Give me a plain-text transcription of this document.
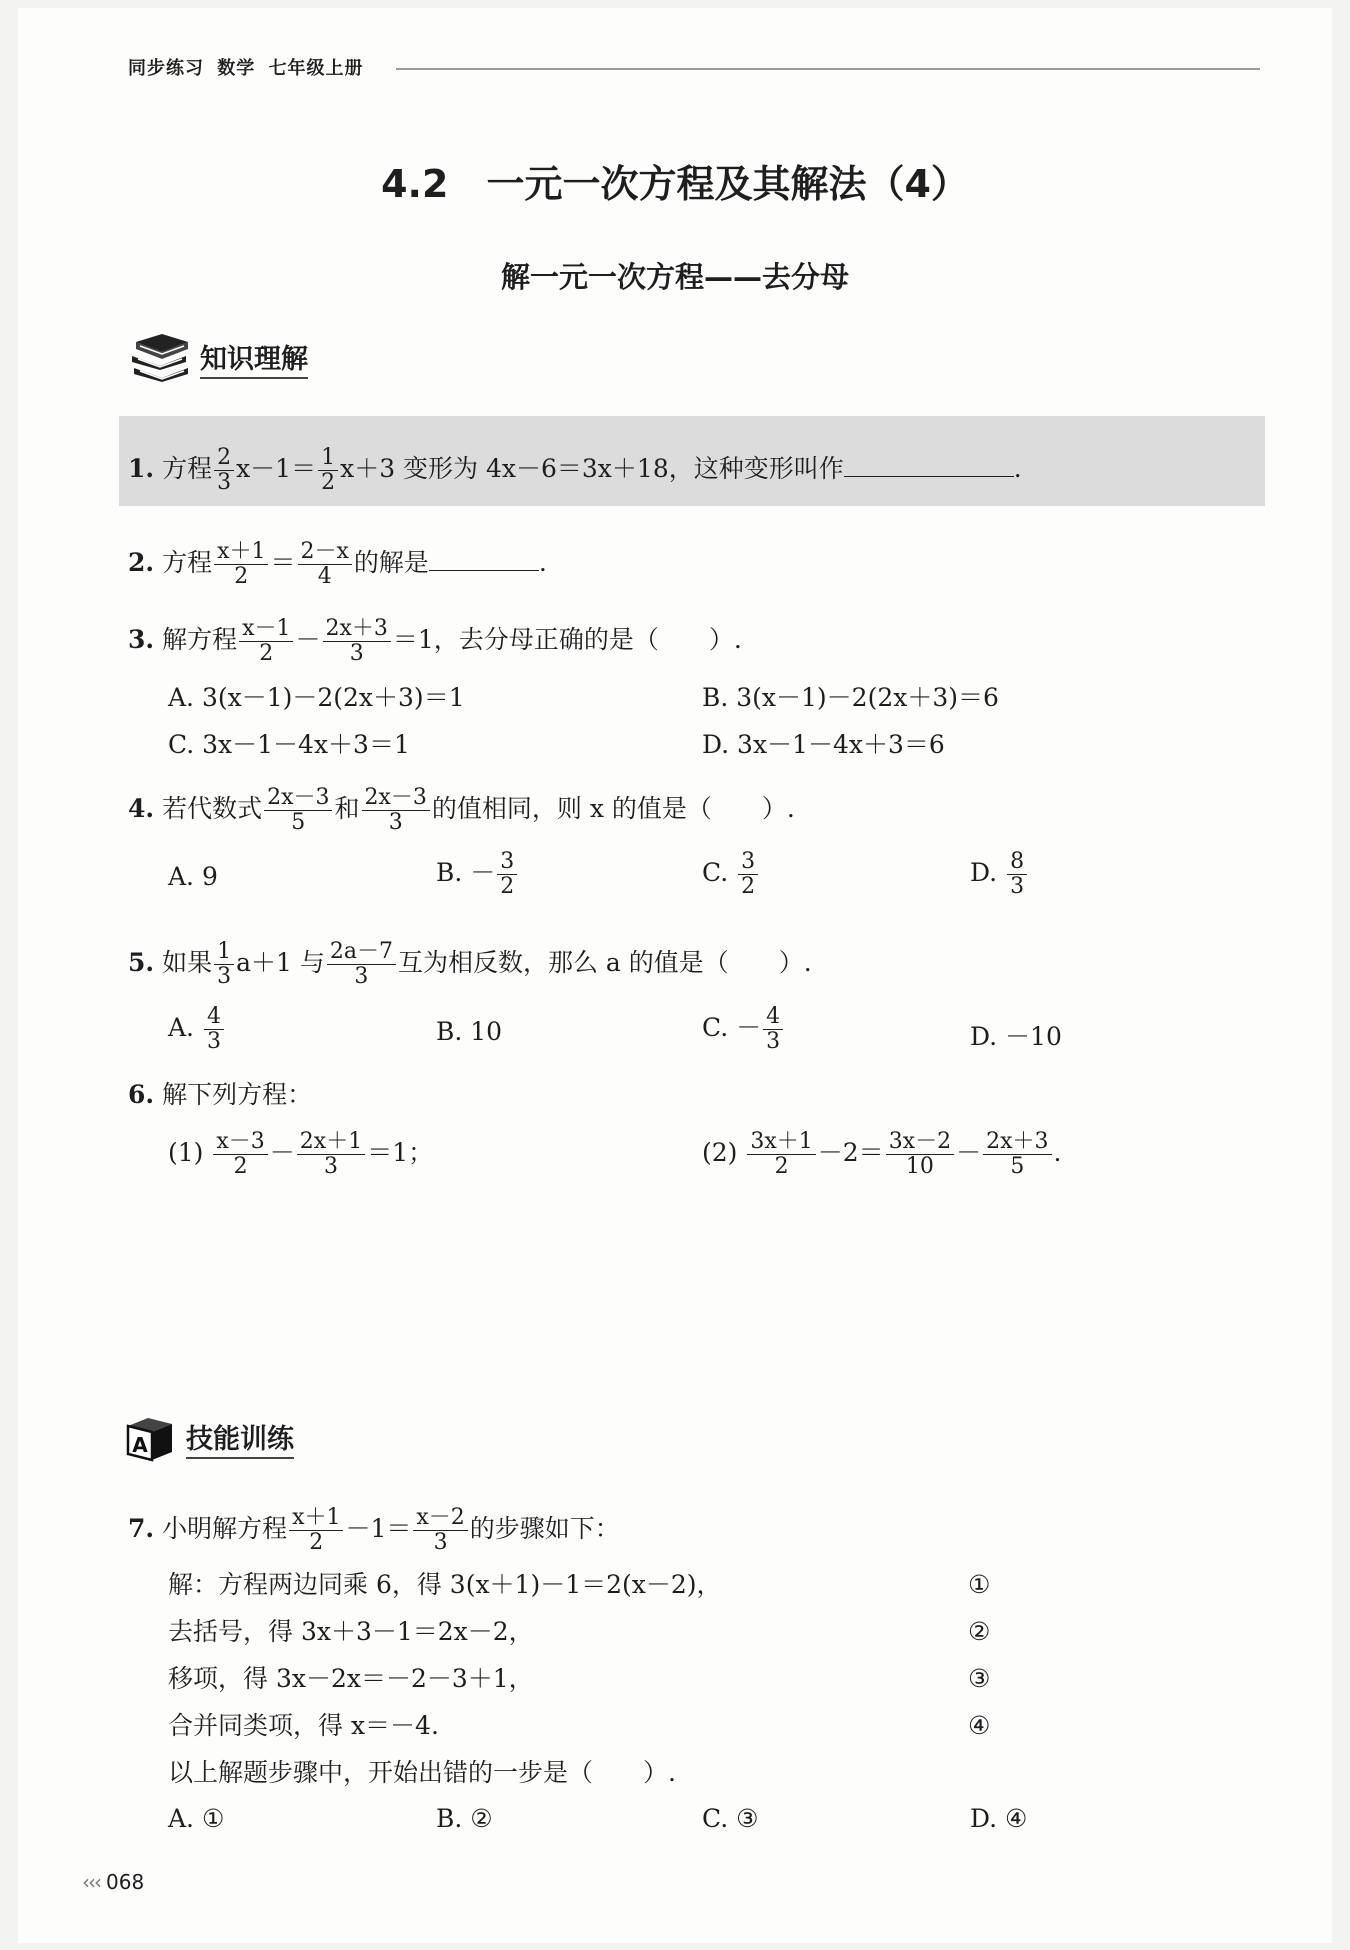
同步练习 数学 七年级上册
4.2 一元一次方程及其解法（4）
解一元一次方程——去分母
知识理解
1. 方程 $\frac{2}{3} x-1= \frac{1}{2} x+3$ 变形为 4x－6＝3x＋18，这种变形叫作	.
2. 方程 $\frac{x+1}{2} = \frac{2-x}{4}$ 的解是	.
3. 解方程 $\frac{x-1}{2} - \frac{2x+3}{3} =1$，去分母正确的是（　　）.
A. 3(x－1)－2(2x＋3)＝1	B. 3(x－1)－2(2x＋3)＝6
C. 3x－1－4x＋3＝1	D. 3x－1－4x＋3＝6
4. 若代数式 $\frac{2x-3}{5}$ 和 $\frac{2x-3}{3}$ 的值相同，则 x 的值是（　　）.
A. 9	B. － $\frac{3}{2}$	C. $\frac{3}{2}$	D. $\frac{8}{3}$
5. 如果 $\frac{1}{3} a+1$ 与 $\frac{2a-7}{3}$ 互为相反数，那么 a 的值是（　　）.
A. $\frac{4}{3}$	B. 10	C. － $\frac{4}{3}$	D. －10
6. 解下列方程：
$(1) \frac{x-3}{2} - \frac{2x+1}{3} =1$；	$(2) \frac{3x+1}{2} -2= \frac{3x-2}{10} - \frac{2x+3}{5}$ .
A 技能训练
7. 小明解方程 $\frac{x+1}{2} -1= \frac{x-2}{3}$ 的步骤如下：
解：方程两边同乘 6，得 3(x＋1)－1＝2(x－2)，	①
去括号，得 3x＋3－1＝2x－2，	②
移项，得 3x－2x＝－2－3＋1，	③
合并同类项，得 x＝－4.	④
以上解题步骤中，开始出错的一步是（　　）.
A. ①	B. ②	C. ③	D. ④
‹‹‹ 068
